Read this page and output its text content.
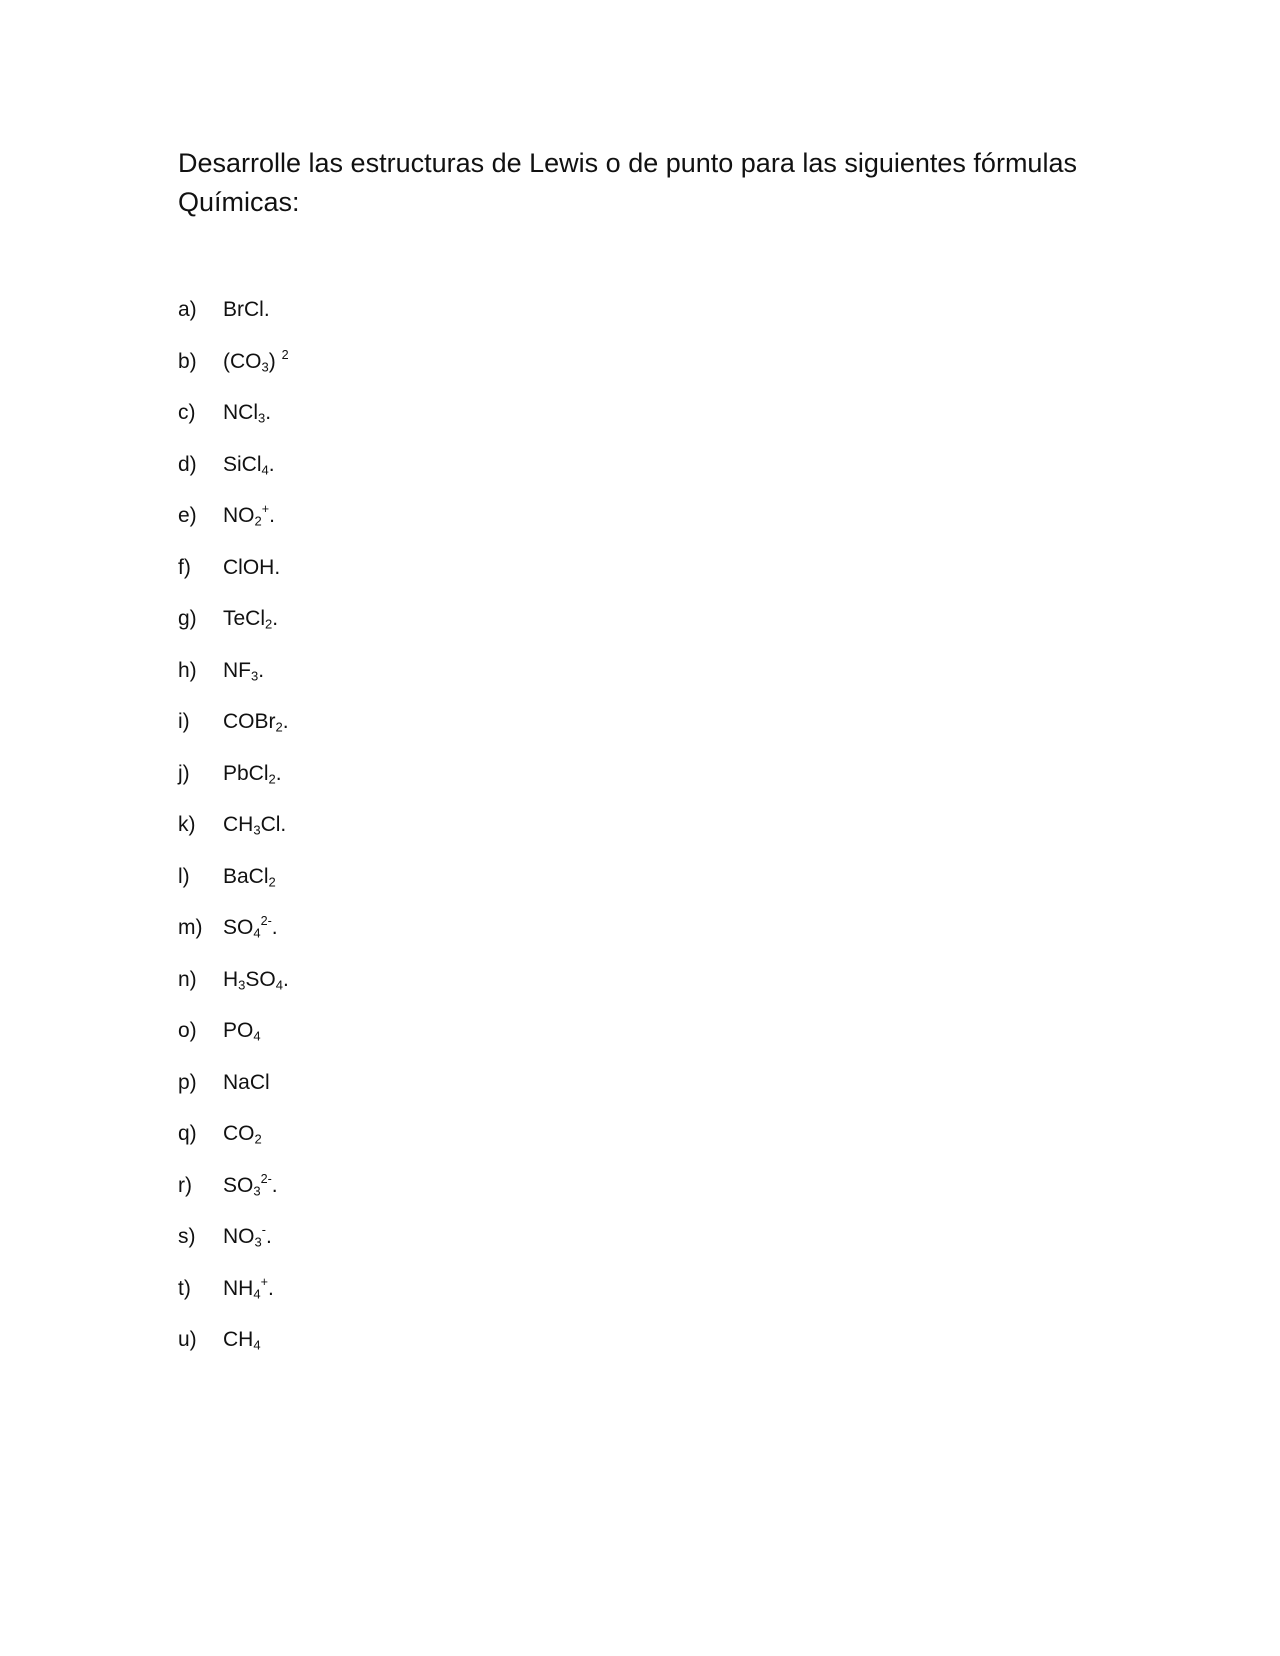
Desarrolle las estructuras de Lewis o de punto para las siguientes fórmulas Químicas:

a) BrCl.
b) $(CO_3)$ $^2$
c) NCl$_3$.
d) SiCl$_4$.
e) $NO_2^+$.
f) ClOH.
g) TeCl$_2$.
h) $NF_3$.
i) COBr$_2$.
j) PbCl$_2$.
k) $CH_3Cl$.
l) BaCl$_2$
m) $SO_4^{2-}$.
n) $H_3SO_4$.
o) $PO_4$
p) NaCl
q) $CO_2$
r) $SO_3^{2-}$.
s) $NO_3^-$.
t) $NH_4^+$.
u) $CH_4$
